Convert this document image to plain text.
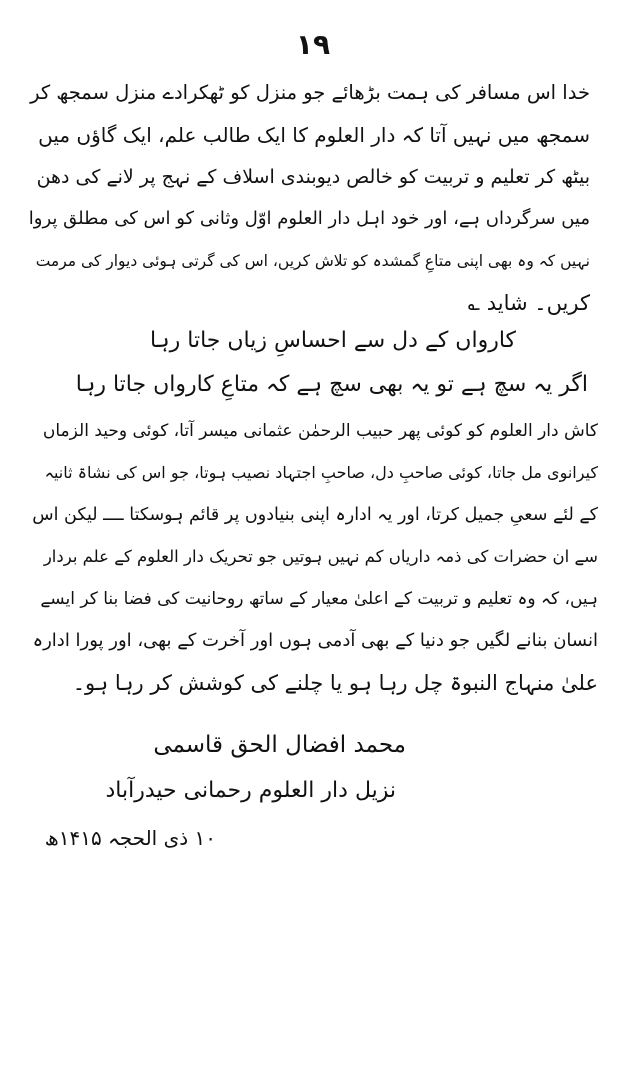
۱۹
خدا اس مسافر کی ہمت بڑھائے جو منزل کو ٹھکرادے منزل سمجھ کر
سمجھ میں نہیں آتا کہ دار العلوم کا ایک طالب علم، ایک گاؤں میں
بیٹھ کر تعلیم و تربیت کو خالص دیوبندی اسلاف کے نہج پر لانے کی دھن
میں سرگرداں ہے، اور خود اہل دار العلوم اوّل وثانی کو اس کی مطلق پروا
نہیں کہ وہ بھی اپنی متاعِ گمشدہ کو تلاش کریں، اس کی گرتی ہوئی دیوار کی مرمت
کریں۔ شاید ؎
کارواں کے دل سے احساسِ زیاں جاتا رہا
اگر یہ سچ ہے تو یہ بھی سچ ہے کہ متاعِ کارواں جاتا رہا
کاش دار العلوم کو کوئی پھر حبیب الرحمٰن عثمانی میسر آتا، کوئی وحید الزماں
کیرانوی مل جاتا، کوئی صاحبِ دل، صاحبِ اجتہاد نصیب ہوتا، جو اس کی نشاۃ ثانیہ
کے لئے سعیِ جمیل کرتا، اور یہ ادارہ اپنی بنیادوں پر قائم ہوسکتا ــــ لیکن اس
سے ان حضرات کی ذمہ داریاں کم نہیں ہوتیں جو تحریک دار العلوم کے علم بردار
ہیں، کہ وہ تعلیم و تربیت کے اعلیٰ معیار کے ساتھ روحانیت کی فضا بنا کر ایسے
انسان بنانے لگیں جو دنیا کے بھی آدمی ہوں اور آخرت کے بھی، اور پورا ادارہ
علیٰ منہاج النبوۃ چل رہا ہو یا چلنے کی کوشش کر رہا ہو۔
محمد افضال الحق قاسمی
نزیل دار العلوم رحمانی حیدرآباد
۱۰ ذی الحجہ ۱۴۱۵ھ
